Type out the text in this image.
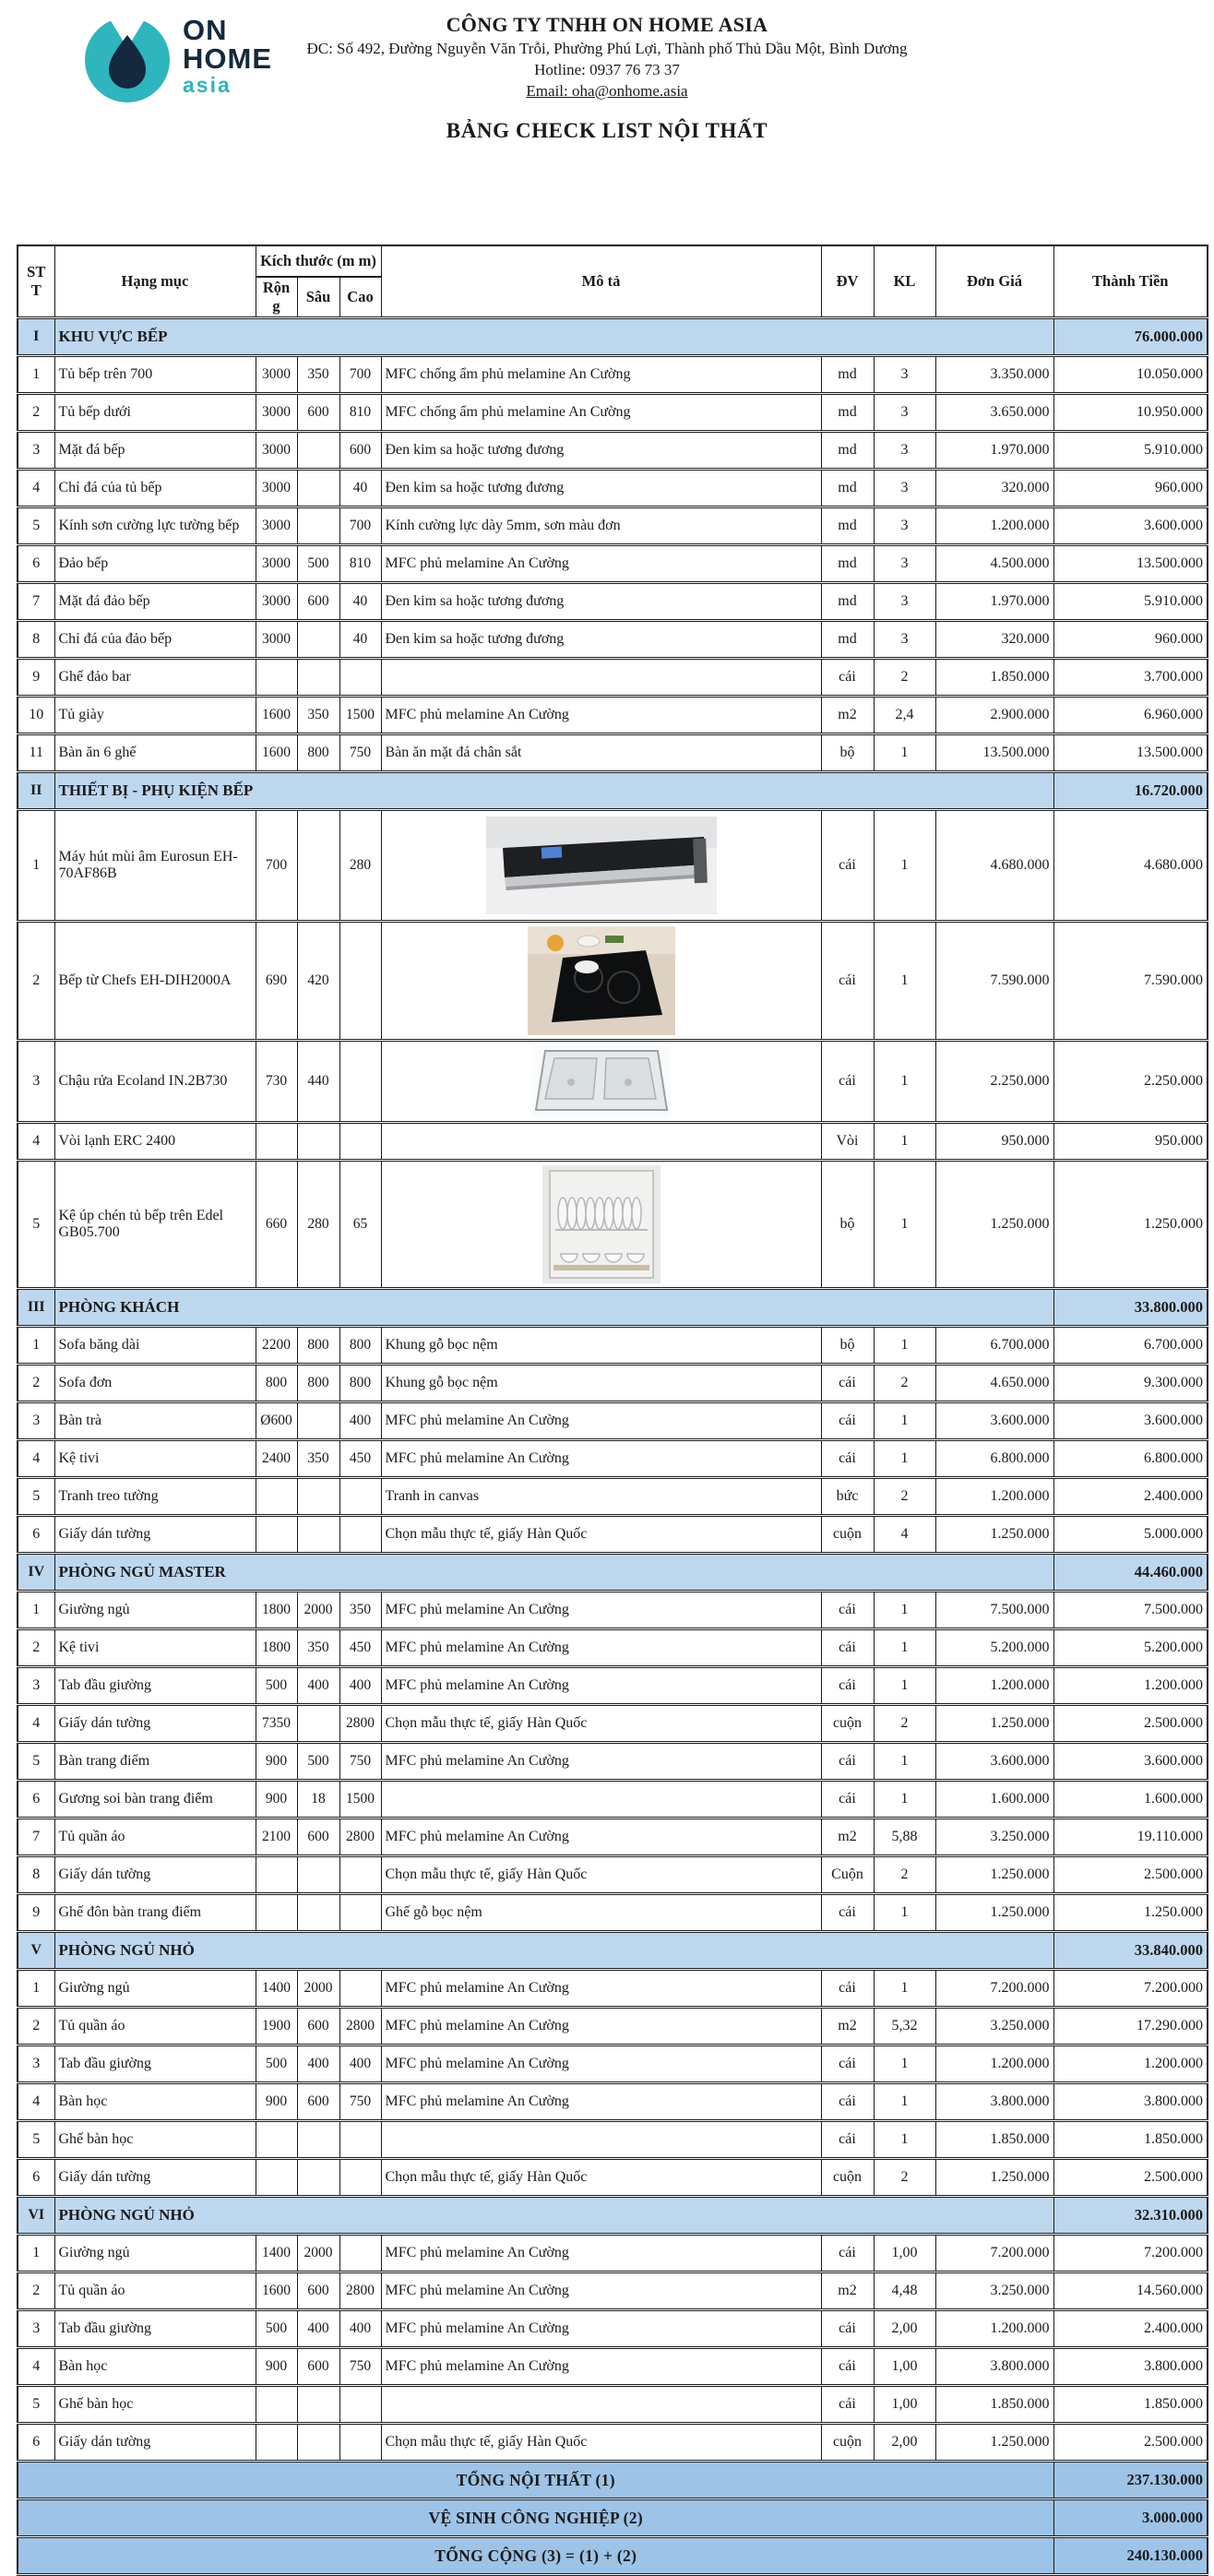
ON
HOME
asia
CÔNG TY TNHH ON HOME ASIA
ĐC: Số 492, Đường Nguyễn Văn Trỗi, Phường Phú Lợi, Thành phố Thủ Dầu Một, Bình Dương
Hotline: 0937 76 73 37
Email: oha@onhome.asia
BẢNG CHECK LIST NỘI THẤT
STT	Hạng mục	Kích thước (m m)			Mô tả	ĐV	KL	Đơn Giá	Thành Tiền
		Rộng	Sâu	Cao					
I	KHU VỰC BẾP								76.000.000
1	Tủ bếp trên 700	3000	350	700	MFC chống ẩm phủ melamine An Cường	md	3	3.350.000	10.050.000
2	Tủ bếp dưới	3000	600	810	MFC chống ẩm phủ melamine An Cường	md	3	3.650.000	10.950.000
3	Mặt đá bếp	3000		600	Đen kim sa hoặc tương đương	md	3	1.970.000	5.910.000
4	Chỉ đá của tủ bếp	3000		40	Đen kim sa hoặc tương đương	md	3	320.000	960.000
5	Kính sơn cường lực tường bếp	3000		700	Kính cường lực dày 5mm, sơn màu đơn	md	3	1.200.000	3.600.000
6	Đảo bếp	3000	500	810	MFC phủ melamine An Cường	md	3	4.500.000	13.500.000
7	Mặt đá đảo bếp	3000	600	40	Đen kim sa hoặc tương đương	md	3	1.970.000	5.910.000
8	Chỉ đá của đảo bếp	3000		40	Đen kim sa hoặc tương đương	md	3	320.000	960.000
9	Ghế đảo bar					cái	2	1.850.000	3.700.000
10	Tủ giày	1600	350	1500	MFC phủ melamine An Cường	m2	2,4	2.900.000	6.960.000
11	Bàn ăn 6 ghế	1600	800	750	Bàn ăn mặt đá chân sắt	bộ	1	13.500.000	13.500.000
II	THIẾT BỊ - PHỤ KIỆN BẾP								16.720.000
1	Máy hút mùi âm Eurosun EH-70AF86B	700		280		cái	1	4.680.000	4.680.000
2	Bếp từ Chefs EH-DIH2000A	690	420			cái	1	7.590.000	7.590.000
3	Chậu rửa Ecoland IN.2B730	730	440			cái	1	2.250.000	2.250.000
4	Vòi lạnh ERC 2400					Vòi	1	950.000	950.000
5	Kệ úp chén tủ bếp trên Edel GB05.700	660	280	65		bộ	1	1.250.000	1.250.000
III	PHÒNG KHÁCH								33.800.000
1	Sofa băng dài	2200	800	800	Khung gỗ bọc nệm	bộ	1	6.700.000	6.700.000
2	Sofa đơn	800	800	800	Khung gỗ bọc nệm	cái	2	4.650.000	9.300.000
3	Bàn trà	Ø600		400	MFC phủ melamine An Cường	cái	1	3.600.000	3.600.000
4	Kệ tivi	2400	350	450	MFC phủ melamine An Cường	cái	1	6.800.000	6.800.000
5	Tranh treo tường				Tranh in canvas	bức	2	1.200.000	2.400.000
6	Giấy dán tường				Chọn mẫu thực tế, giấy Hàn Quốc	cuộn	4	1.250.000	5.000.000
IV	PHÒNG NGỦ MASTER								44.460.000
1	Giường ngủ	1800	2000	350	MFC phủ melamine An Cường	cái	1	7.500.000	7.500.000
2	Kệ tivi	1800	350	450	MFC phủ melamine An Cường	cái	1	5.200.000	5.200.000
3	Tab đầu giường	500	400	400	MFC phủ melamine An Cường	cái	1	1.200.000	1.200.000
4	Giấy dán tường	7350		2800	Chọn mẫu thực tế, giấy Hàn Quốc	cuộn	2	1.250.000	2.500.000
5	Bàn trang điểm	900	500	750	MFC phủ melamine An Cường	cái	1	3.600.000	3.600.000
6	Gương soi bàn trang điểm	900	18	1500		cái	1	1.600.000	1.600.000
7	Tủ quần áo	2100	600	2800	MFC phủ melamine An Cường	m2	5,88	3.250.000	19.110.000
8	Giấy dán tường				Chọn mẫu thực tế, giấy Hàn Quốc	Cuộn	2	1.250.000	2.500.000
9	Ghế đôn bàn trang điểm				Ghế gỗ bọc nệm	cái	1	1.250.000	1.250.000
V	PHÒNG NGỦ NHỎ								33.840.000
1	Giường ngủ	1400	2000		MFC phủ melamine An Cường	cái	1	7.200.000	7.200.000
2	Tủ quần áo	1900	600	2800	MFC phủ melamine An Cường	m2	5,32	3.250.000	17.290.000
3	Tab đầu giường	500	400	400	MFC phủ melamine An Cường	cái	1	1.200.000	1.200.000
4	Bàn học	900	600	750	MFC phủ melamine An Cường	cái	1	3.800.000	3.800.000
5	Ghế bàn học					cái	1	1.850.000	1.850.000
6	Giấy dán tường				Chọn mẫu thực tế, giấy Hàn Quốc	cuộn	2	1.250.000	2.500.000
VI	PHÒNG NGỦ NHỎ								32.310.000
1	Giường ngủ	1400	2000		MFC phủ melamine An Cường	cái	1,00	7.200.000	7.200.000
2	Tủ quần áo	1600	600	2800	MFC phủ melamine An Cường	m2	4,48	3.250.000	14.560.000
3	Tab đầu giường	500	400	400	MFC phủ melamine An Cường	cái	2,00	1.200.000	2.400.000
4	Bàn học	900	600	750	MFC phủ melamine An Cường	cái	1,00	3.800.000	3.800.000
5	Ghế bàn học					cái	1,00	1.850.000	1.850.000
6	Giấy dán tường				Chọn mẫu thực tế, giấy Hàn Quốc	cuộn	2,00	1.250.000	2.500.000
TỔNG NỘI THẤT (1)									237.130.000
VỆ SINH CÔNG NGHIỆP (2)									3.000.000
TỔNG CỘNG (3) = (1) + (2)									240.130.000
